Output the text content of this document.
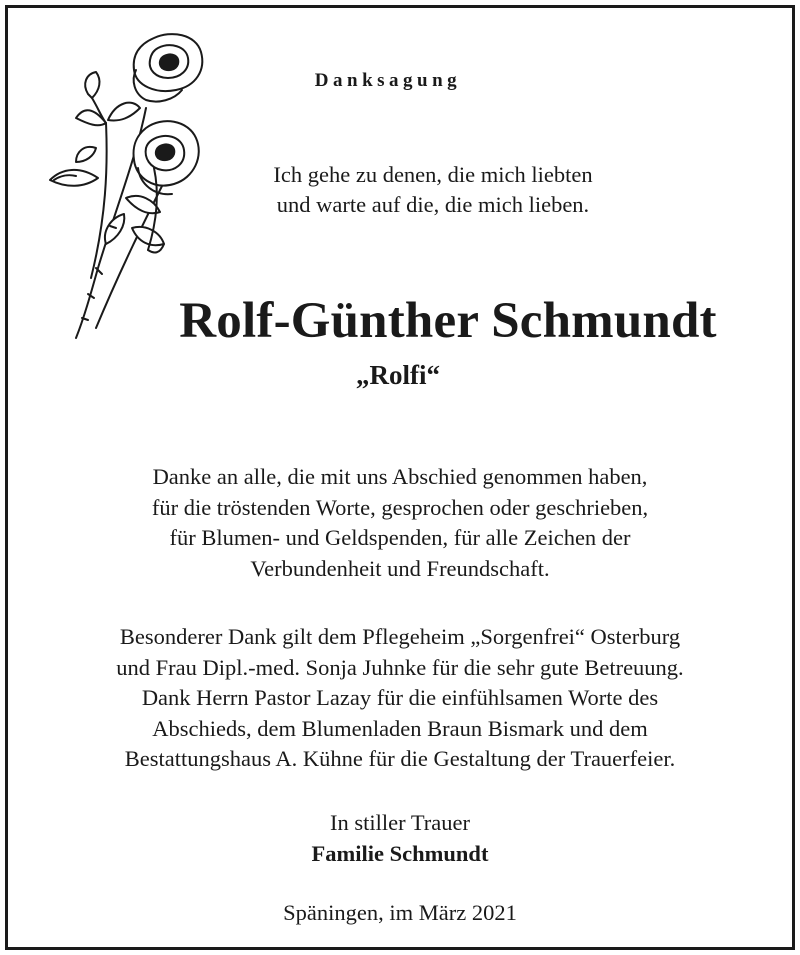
Danksagung
Ich gehe zu denen, die mich liebten
und warte auf die, die mich lieben.
Rolf-Günther Schmundt
„Rolfi“
Danke an alle, die mit uns Abschied genommen haben,
für die tröstenden Worte, gesprochen oder geschrieben,
für Blumen- und Geldspenden, für alle Zeichen der
Verbundenheit und Freundschaft.
Besonderer Dank gilt dem Pflegeheim „Sorgenfrei“ Osterburg
und Frau Dipl.-med. Sonja Juhnke für die sehr gute Betreuung.
Dank Herrn Pastor Lazay für die einfühlsamen Worte des
Abschieds, dem Blumenladen Braun Bismark und dem
Bestattungshaus A. Kühne für die Gestaltung der Trauerfeier.
In stiller Trauer
Familie Schmundt
Späningen, im März 2021
